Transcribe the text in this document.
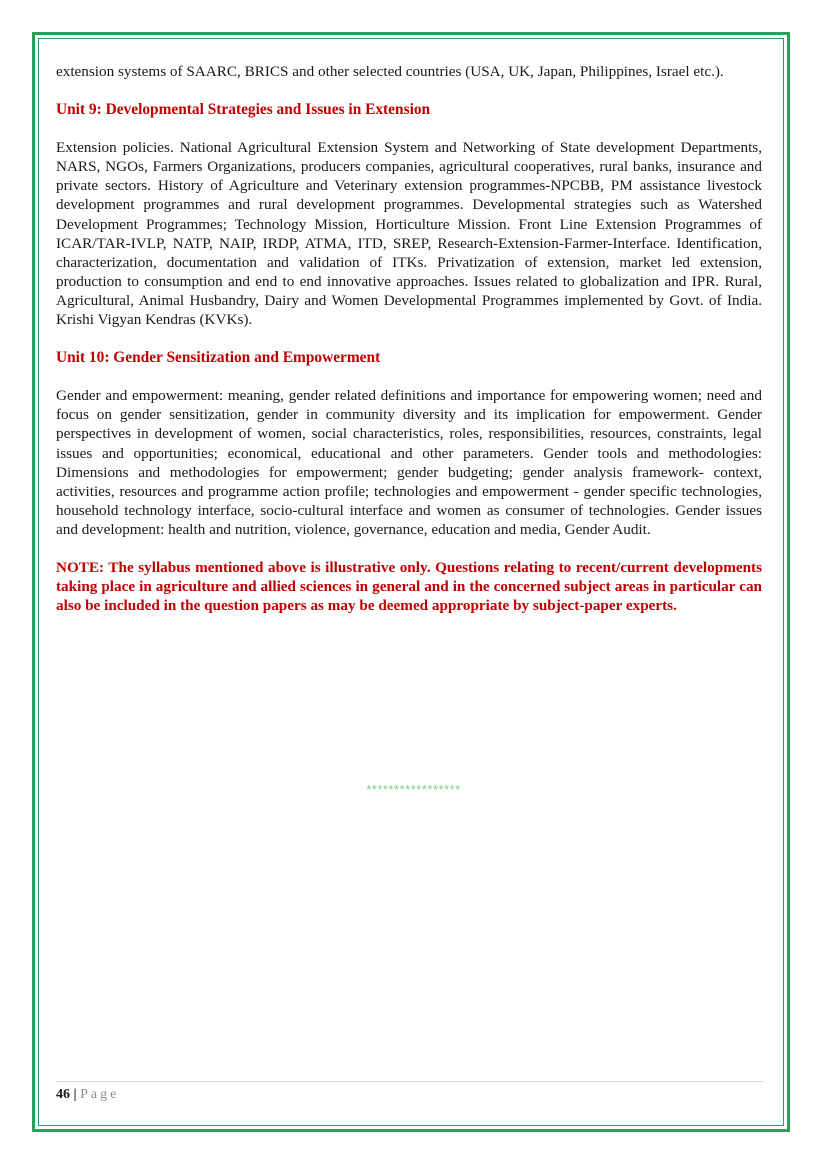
extension systems of SAARC, BRICS and other selected countries (USA, UK, Japan, Philippines, Israel etc.).

Unit 9: Developmental Strategies and Issues in Extension

Extension policies. National Agricultural Extension System and Networking of State development Departments, NARS, NGOs, Farmers Organizations, producers companies, agricultural cooperatives, rural banks, insurance and private sectors. History of Agriculture and Veterinary extension programmes-NPCBB, PM assistance livestock development programmes and rural development programmes. Developmental strategies such as Watershed Development Programmes; Technology Mission, Horticulture Mission. Front Line Extension Programmes of ICAR/TAR-IVLP, NATP, NAIP, IRDP, ATMA, ITD, SREP, Research-Extension-Farmer-Interface. Identification, characterization, documentation and validation of ITKs. Privatization of extension, market led extension, production to consumption and end to end innovative approaches. Issues related to globalization and IPR. Rural, Agricultural, Animal Husbandry, Dairy and Women Developmental Programmes implemented by Govt. of India. Krishi Vigyan Kendras (KVKs).

Unit 10: Gender Sensitization and Empowerment

Gender and empowerment: meaning, gender related definitions and importance for empowering women; need and focus on gender sensitization, gender in community diversity and its implication for empowerment. Gender perspectives in development of women, social characteristics, roles, responsibilities, resources, constraints, legal issues and opportunities; economical, educational and other parameters. Gender tools and methodologies: Dimensions and methodologies for empowerment; gender budgeting; gender analysis framework- context, activities, resources and programme action profile; technologies and empowerment - gender specific technologies, household technology interface, socio-cultural interface and women as consumer of technologies. Gender issues and development: health and nutrition, violence, governance, education and media, Gender Audit.

NOTE: The syllabus mentioned above is illustrative only. Questions relating to recent/current developments taking place in agriculture and allied sciences in general and in the concerned subject areas in particular can also be included in the question papers as may be deemed appropriate by subject-paper experts.

*****************
46 | Page
